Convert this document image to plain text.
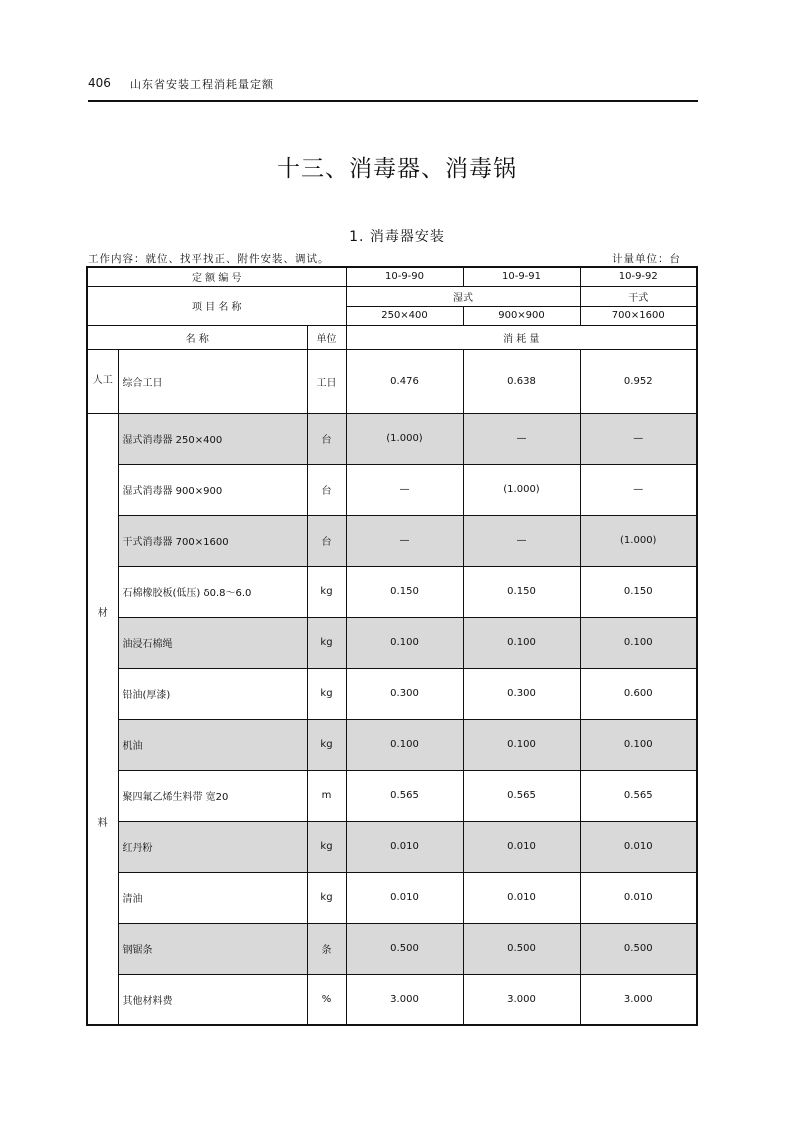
406 山东省安装工程消耗量定额
十三、消毒器、消毒锅
1. 消毒器安装
工作内容：就位、找平找正、附件安装、调试。	计量单位：台
定 额 编 号			10-9-90	10-9-91	10-9-92
项 目 名 称			湿式		干式
			250×400	900×900	700×1600
名 称		单位	消 耗 量		
人工	综合工日	工日	0.476	0.638	0.952

材
料	湿式消毒器 250×400	台	(1.000)	—	—
	湿式消毒器 900×900	台	—	(1.000)	—
	干式消毒器 700×1600	台	—	—	(1.000)
	石棉橡胶板(低压) δ0.8～6.0	kg	0.150	0.150	0.150
	油浸石棉绳	kg	0.100	0.100	0.100
	铅油(厚漆)	kg	0.300	0.300	0.600
	机油	kg	0.100	0.100	0.100
	聚四氟乙烯生料带 宽20	m	0.565	0.565	0.565
	红丹粉	kg	0.010	0.010	0.010
	清油	kg	0.010	0.010	0.010
	钢锯条	条	0.500	0.500	0.500
	其他材料费	%	3.000	3.000	3.000
